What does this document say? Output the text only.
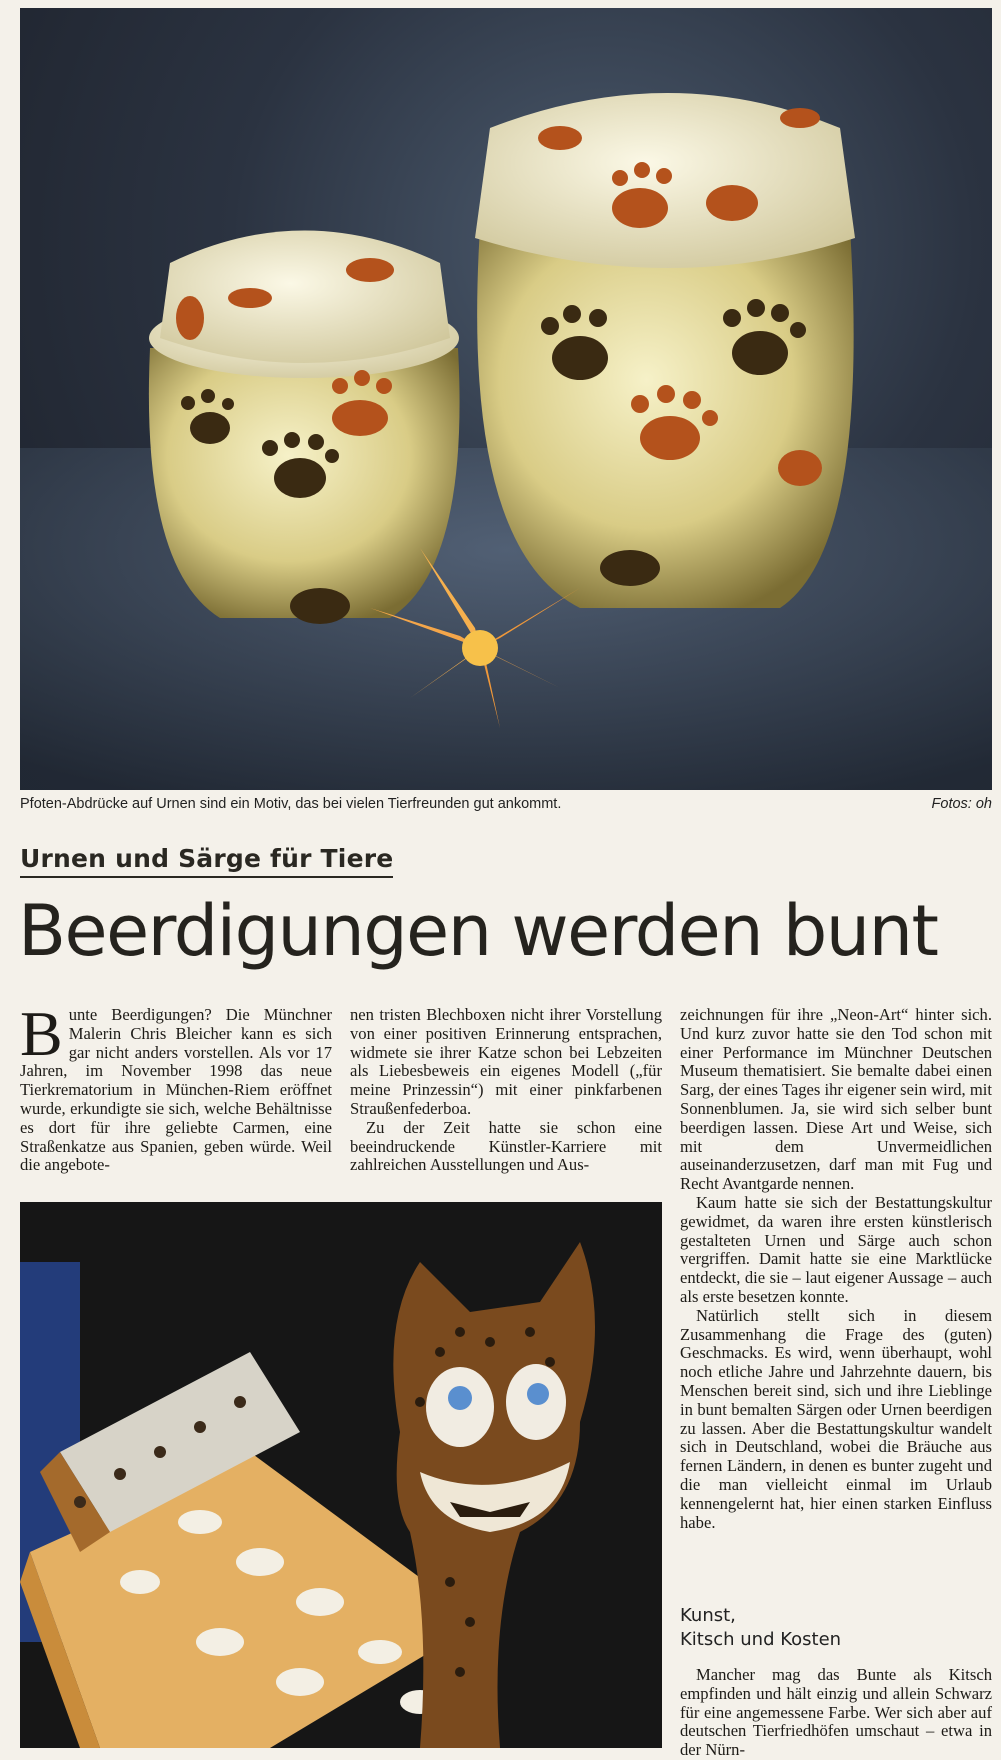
Pfoten-Abdrücke auf Urnen sind ein Motiv, das bei vielen Tierfreunden gut ankommt.	Fotos: oh
Urnen und Särge für Tiere
Beerdigungen werden bunt

Bunte Beerdigungen? Die Münchner Malerin Chris Bleicher kann es sich gar nicht anders vorstellen. Als vor 17 Jahren, im November 1998 das neue Tierkrematorium in München-Riem eröffnet wurde, erkundigte sie sich, welche Behältnisse es dort für ihre geliebte Carmen, eine Straßenkatze aus Spanien, geben würde. Weil die angebote-

nen tristen Blechboxen nicht ihrer Vorstellung von einer positiven Erinnerung entsprachen, widmete sie ihrer Katze schon bei Lebzeiten als Liebesbeweis ein eigenes Modell („für meine Prinzessin“) mit einer pinkfarbenen Straußenfederboa.

Zu der Zeit hatte sie schon eine beeindruckende Künstler-Karriere mit zahlreichen Ausstellungen und Aus-

zeichnungen für ihre „Neon-Art“ hinter sich. Und kurz zuvor hatte sie den Tod schon mit einer Performance im Münchner Deutschen Museum thematisiert. Sie bemalte dabei einen Sarg, der eines Tages ihr eigener sein wird, mit Sonnenblumen. Ja, sie wird sich selber bunt beerdigen lassen. Diese Art und Weise, sich mit dem Unvermeidlichen auseinanderzusetzen, darf man mit Fug und Recht Avantgarde nennen.

Kaum hatte sie sich der Bestattungskultur gewidmet, da waren ihre ersten künstlerisch gestalteten Urnen und Särge auch schon vergriffen. Damit hatte sie eine Marktlücke entdeckt, die sie – laut eigener Aussage – auch als erste besetzen konnte.

Natürlich stellt sich in diesem Zusammenhang die Frage des (guten) Geschmacks. Es wird, wenn überhaupt, wohl noch etliche Jahre und Jahrzehnte dauern, bis Menschen bereit sind, sich und ihre Lieblinge in bunt bemalten Särgen oder Urnen beerdigen zu lassen. Aber die Bestattungskultur wandelt sich in Deutschland, wobei die Bräuche aus fernen Ländern, in denen es bunter zugeht und die man vielleicht einmal im Urlaub kennengelernt hat, hier einen starken Einfluss habe.

Kunst,
Kitsch und Kosten

Mancher mag das Bunte als Kitsch empfinden und hält einzig und allein Schwarz für eine angemessene Farbe. Wer sich aber auf deutschen Tierfriedhöfen umschaut – etwa in der Nürn-
